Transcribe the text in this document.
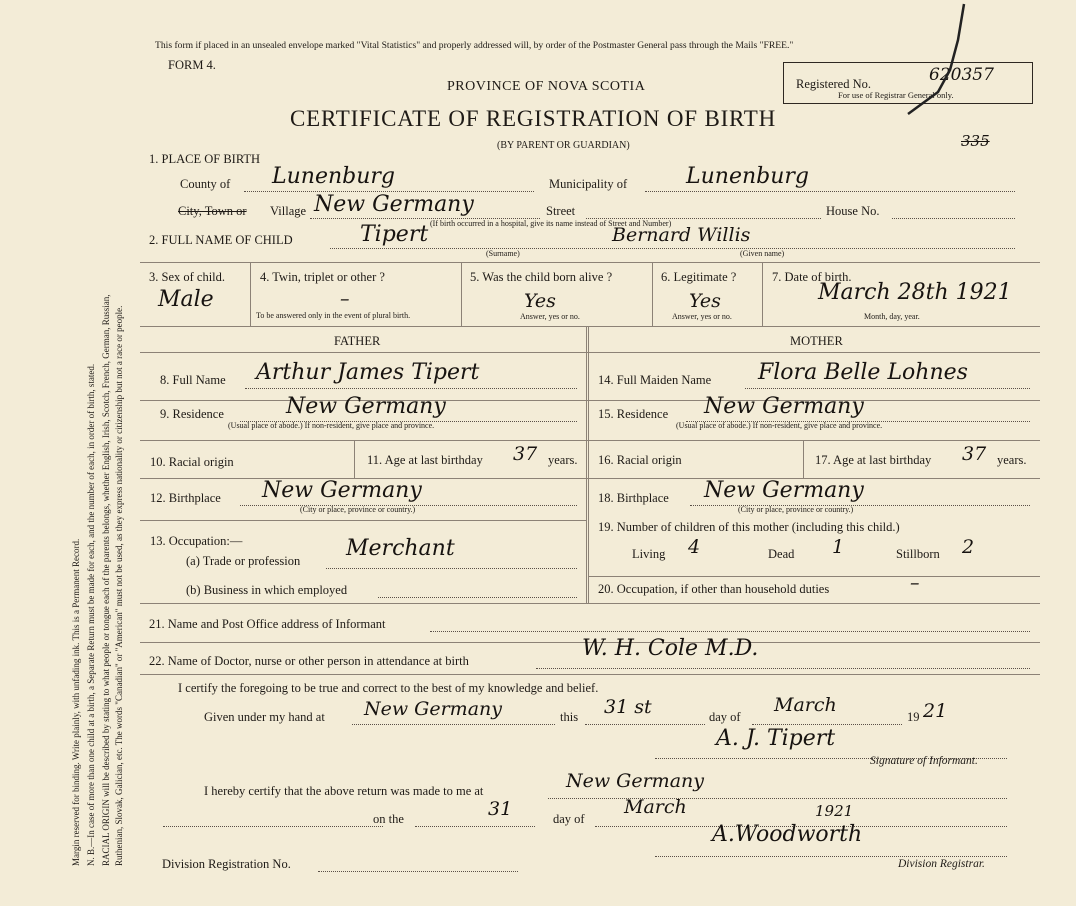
Margin reserved for binding. Write plainly, with unfading ink. This is a Permanent Record. N. B.—In case of more than one child at a birth, a Separate Return must be made for each, and the number of each, in order of birth, stated. RACIAL ORIGIN will be described by stating to what people or tongue each of the parents belongs, whether English, Irish, Scotch, French, German, Russian, Ruthenian, Slovak, Galician, etc. The words "Canadian" or "American" must not be used, as they express nationality or citizenship but not a race or people.
This form if placed in an unsealed envelope marked "Vital Statistics" and properly addressed will, by order of the Postmaster General pass through the Mails "FREE."
FORM 4.
PROVINCE OF NOVA SCOTIA
CERTIFICATE OF REGISTRATION OF BIRTH
(BY PARENT OR GUARDIAN)
Registered No.	620357
For use of Registrar General only.
335
1. PLACE OF BIRTH
County of Lunenburg	Municipality of	Lunenburg
City, Town or Village New Germany	Street	House No.
(If birth occurred in a hospital, give its name instead of Street and Number)
2. FULL NAME OF CHILD	Tipert
(Surname)
Bernard Willis
(Given name)
3. Sex of child.
Male
4. Twin, triplet or other ?
–
To be answered only in the event of plural birth.
5. Was the child born alive ?
Yes
Answer, yes or no.
6. Legitimate ?
Yes
Answer, yes or no.
7. Date of birth.
March 28th 1921
Month, day, year.
FATHER	MOTHER
8. Full Name Arthur James Tipert
9. Residence	New Germany
(Usual place of abode.) If non-resident, give place and province.
10. Racial origin	11. Age at last birthday 37 years.
12. Birthplace New Germany
(City or place, province or country.)
13. Occupation:—
(a) Trade or profession Merchant
(b) Business in which employed
14. Full Maiden Name Flora Belle Lohnes
15. Residence New Germany
(Usual place of abode.) If non-resident, give place and province.
16. Racial origin	17. Age at last birthday 37 years.
18. Birthplace New Germany
(City or place, province or country.)
19. Number of children of this mother (including this child.)
Living 4	Dead 1	Stillborn 2
20. Occupation, if other than household duties	–
21. Name and Post Office address of Informant
22. Name of Doctor, nurse or other person in attendance at birth	W. H. Cole M.D.
I certify the foregoing to be true and correct to the best of my knowledge and belief.
Given under my hand at New Germany	this 31 st	day of
March
19 21
A. J. Tipert
Signature of Informant.
I hereby certify that the above return was made to me at	New Germany
on the	31	day of
March	1921
A.Woodworth
Division Registration No.	Division Registrar.
